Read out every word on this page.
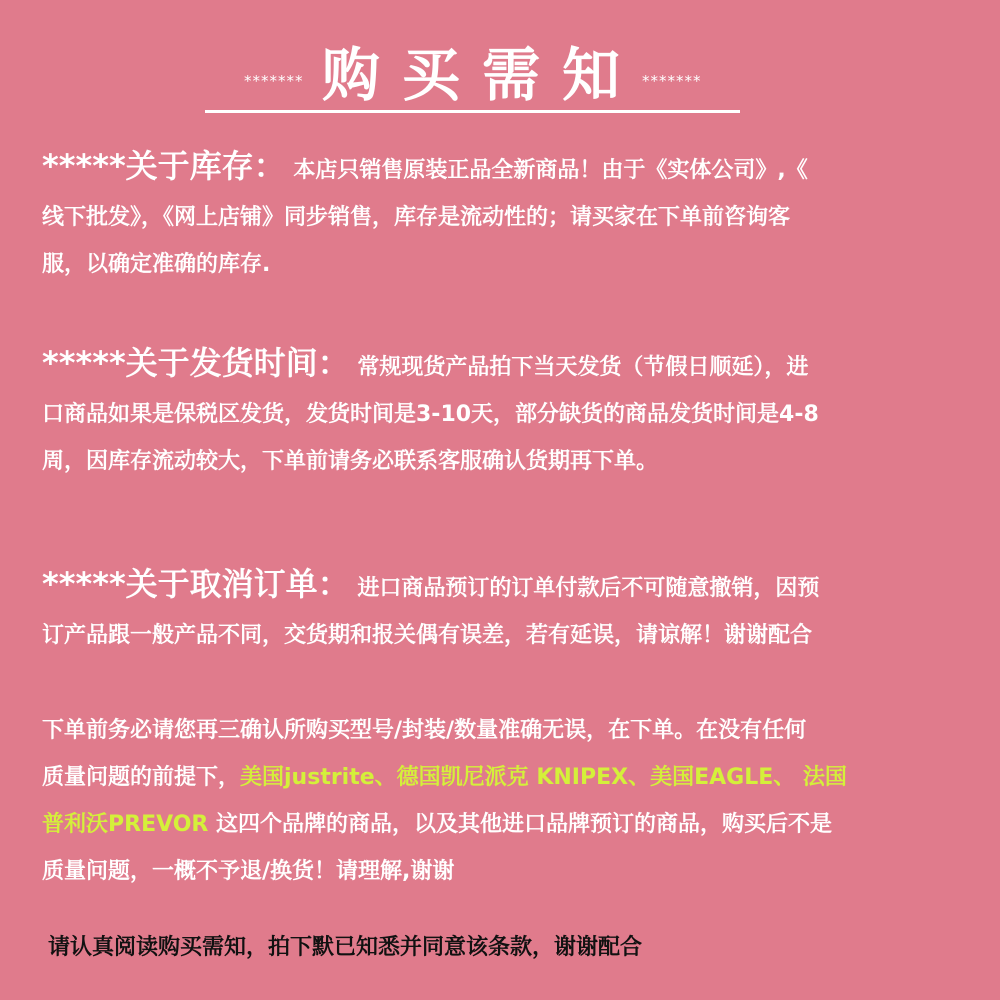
******* 购买需知 *******
*****关于库存： 本店只销售原装正品全新商品！由于《实体公司》,《
线下批发》，《网上店铺》同步销售，库存是流动性的；请买家在下单前咨询客
服，以确定准确的库存.
*****关于发货时间： 常规现货产品拍下当天发货（节假日顺延），进
口商品如果是保税区发货，发货时间是3-10天，部分缺货的商品发货时间是4-8
周，因库存流动较大，下单前请务必联系客服确认货期再下单。
*****关于取消订单： 进口商品预订的订单付款后不可随意撤销，因预
订产品跟一般产品不同，交货期和报关偶有误差，若有延误，请谅解！谢谢配合
下单前务必请您再三确认所购买型号/封装/数量准确无误，在下单。在没有任何
质量问题的前提下，美国justrite、德国凯尼派克 KNIPEX、美国EAGLE、 法国
普利沃PREVOR 这四个品牌的商品，以及其他进口品牌预订的商品，购买后不是
质量问题，一概不予退/换货！请理解,谢谢
请认真阅读购买需知，拍下默已知悉并同意该条款，谢谢配合
